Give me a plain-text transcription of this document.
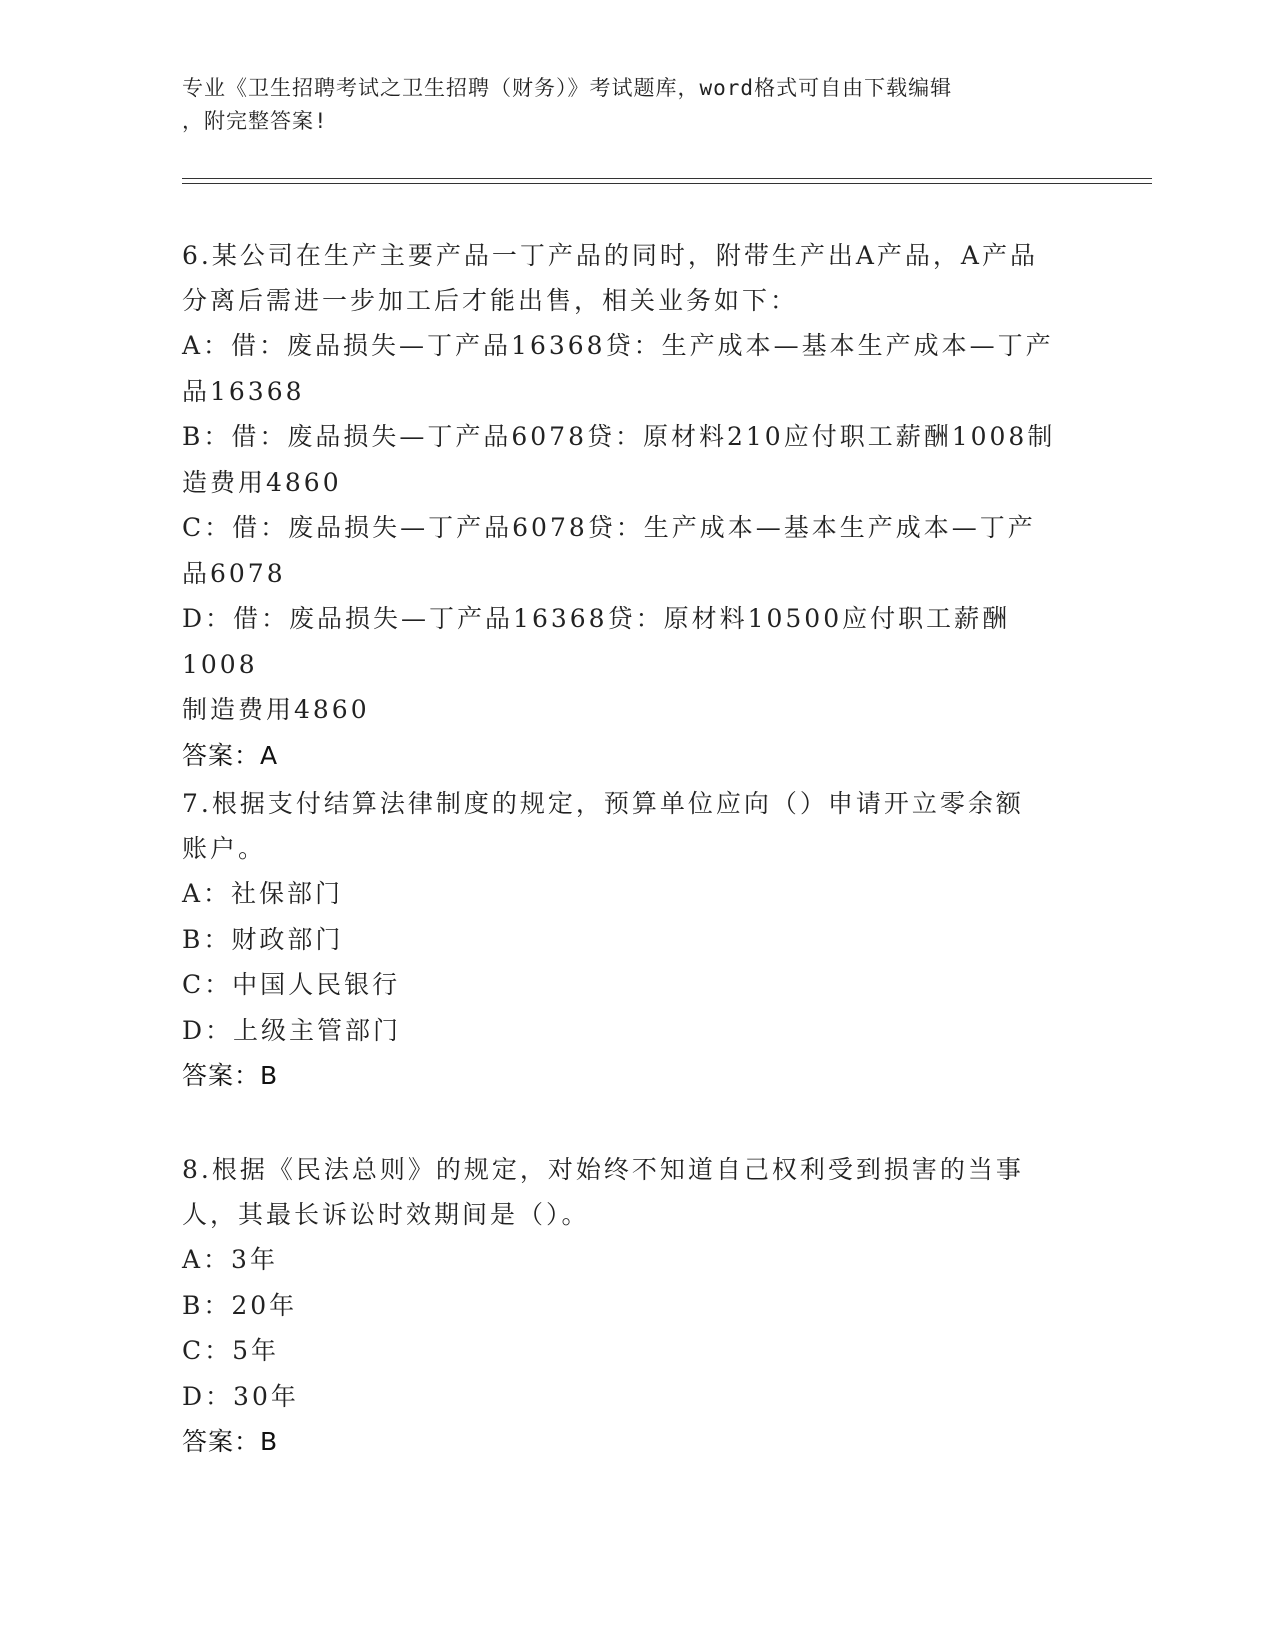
专业《卫生招聘考试之卫生招聘（财务）》考试题库，word格式可自由下载编辑
，附完整答案!
6.某公司在生产主要产品一丁产品的同时，附带生产出A产品，A产品
分离后需进一步加工后才能出售，相关业务如下：
A：借：废品损失—丁产品16368贷：生产成本—基本生产成本—丁产
品16368
B：借：废品损失—丁产品6078贷：原材料210应付职工薪酬1008制
造费用4860
C：借：废品损失—丁产品6078贷：生产成本—基本生产成本—丁产
品6078
D：借：废品损失—丁产品16368贷：原材料10500应付职工薪酬1008
制造费用4860
答案：A
7.根据支付结算法律制度的规定，预算单位应向（）申请开立零余额
账户。
A：社保部门
B：财政部门
C：中国人民银行
D：上级主管部门
答案：B
8.根据《民法总则》的规定，对始终不知道自己权利受到损害的当事
人，其最长诉讼时效期间是（）。
A：3年
B：20年
C：5年
D：30年
答案：B
